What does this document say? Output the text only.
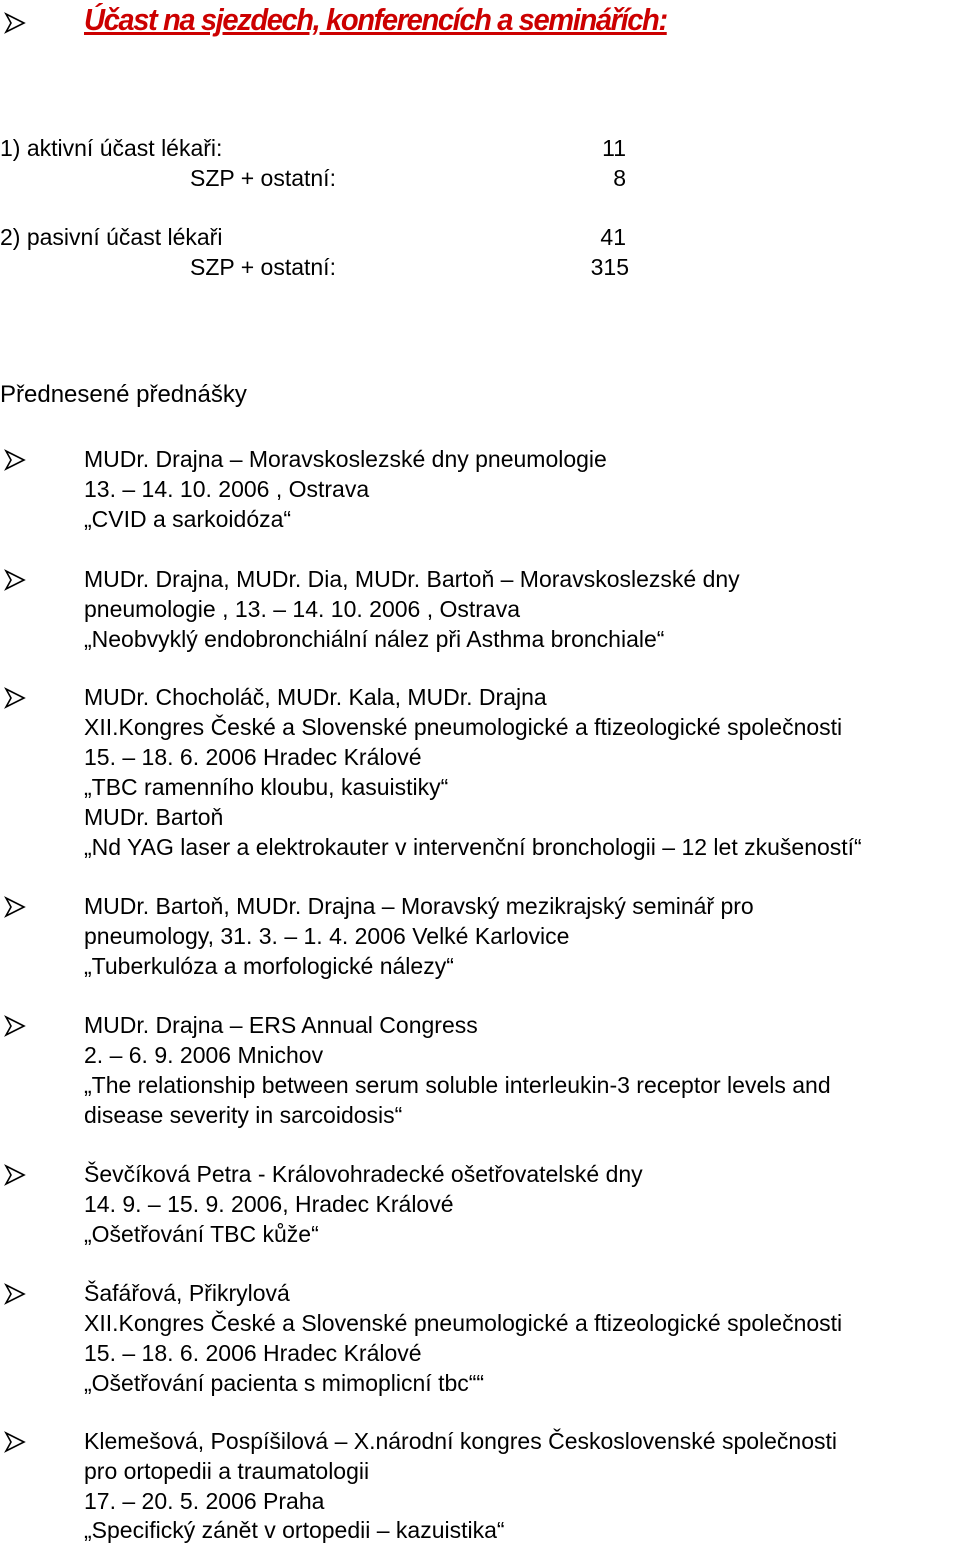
Účast na sjezdech, konferencích a seminářích:
1) aktivní účast lékaři:	11
SZP + ostatní:	8
2) pasivní účast lékaři	41
SZP + ostatní:	315
Přednesené přednášky
MUDr. Drajna – Moravskoslezské dny pneumologie
13. – 14. 10. 2006 , Ostrava
„CVID a sarkoidóza“
MUDr. Drajna, MUDr. Dia, MUDr. Bartoň – Moravskoslezské dny
pneumologie , 13. – 14. 10. 2006 , Ostrava
„Neobvyklý endobronchiální nález při Asthma bronchiale“
MUDr. Chocholáč, MUDr. Kala, MUDr. Drajna
XII.Kongres České a Slovenské pneumologické a ftizeologické společnosti
15. – 18. 6. 2006 Hradec Králové
„TBC ramenního kloubu, kasuistiky“
MUDr. Bartoň
„Nd YAG laser a elektrokauter v intervenční bronchologii – 12 let zkušeností“
MUDr. Bartoň, MUDr. Drajna – Moravský mezikrajský seminář pro
pneumology, 31. 3. – 1. 4. 2006 Velké Karlovice
„Tuberkulóza a morfologické nálezy“
MUDr. Drajna – ERS Annual Congress
2. – 6. 9. 2006 Mnichov
„The relationship between serum soluble interleukin-3 receptor levels and
disease severity in sarcoidosis“
Ševčíková Petra - Královohradecké ošetřovatelské dny
14. 9. – 15. 9. 2006, Hradec Králové
„Ošetřování TBC kůže“
Šafářová, Přikrylová
XII.Kongres České a Slovenské pneumologické a ftizeologické společnosti
15. – 18. 6. 2006 Hradec Králové
„Ošetřování pacienta s mimoplicní tbc““
Klemešová, Pospíšilová – X.národní kongres Československé společnosti
pro ortopedii a traumatologii
17. – 20. 5. 2006 Praha
„Specifický zánět v ortopedii – kazuistika“
